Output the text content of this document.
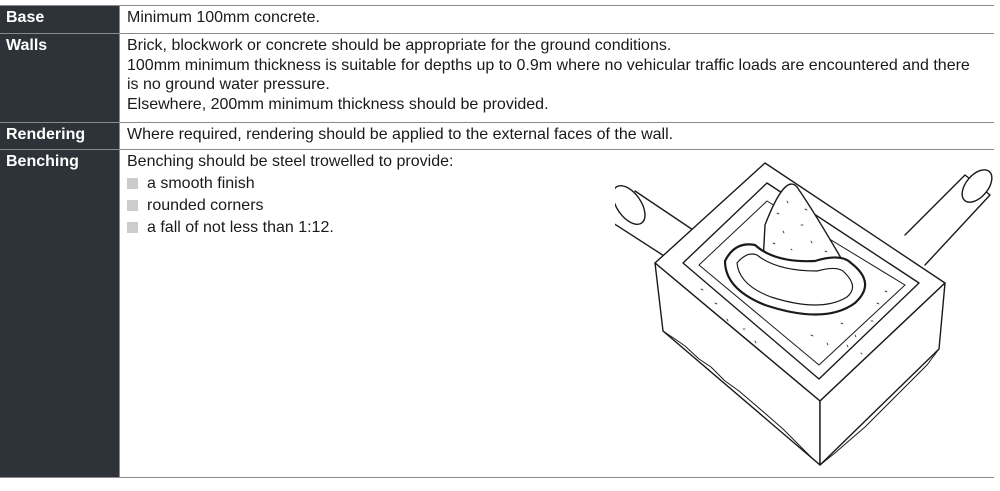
Base	Minimum 100mm concrete.

Walls	Brick, blockwork or concrete should be appropriate for the ground conditions.

100mm minimum thickness is suitable for depths up to 0.9m where no vehicular traffic loads are encountered and there is no ground water pressure.

Elsewhere, 200mm minimum thickness should be provided.

Rendering	Where required, rendering should be applied to the external faces of the wall.

Benching	Benching should be steel trowelled to provide:

a smooth finish
rounded corners
a fall of not less than 1:12.
